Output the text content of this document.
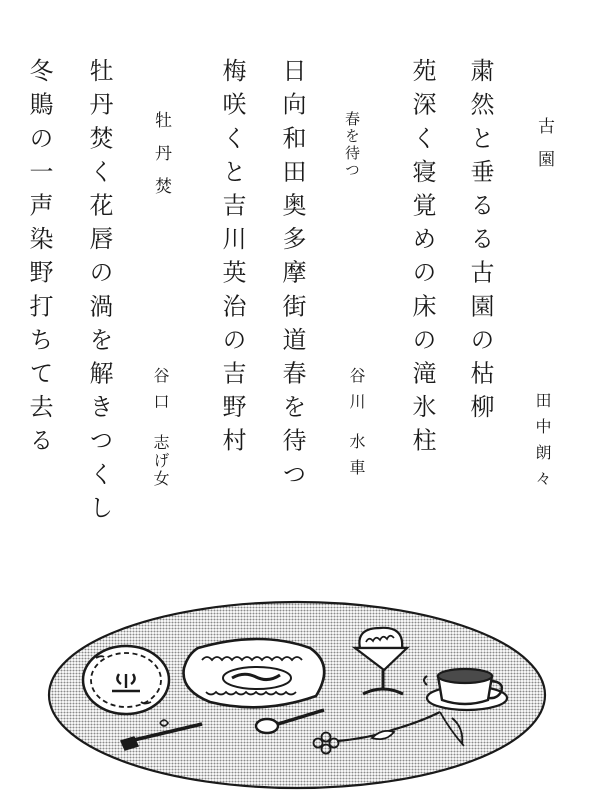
古園

田中朗々

粛然と垂るる古園の枯柳

苑深く寝覚めの床の滝氷柱

春を待つ

谷川

水車

日向和田奥多摩街道春を待つ

梅咲くと吉川英治の吉野村

牡丹焚

谷口

志げ女

牡丹焚く花唇の渦を解きつくし

冬鵙の一声染野打ちて去る
